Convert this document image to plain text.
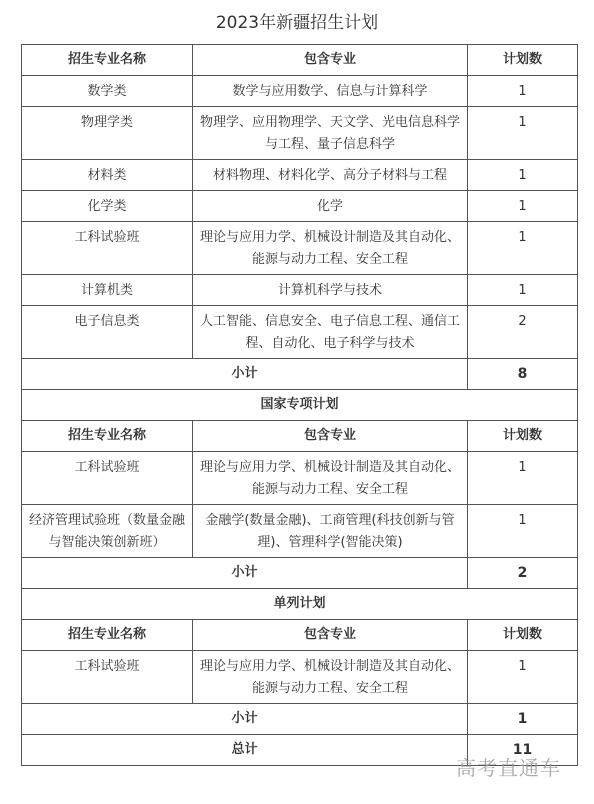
2023年新疆招生计划
招生专业名称	包含专业	计划数
数学类	数学与应用数学、信息与计算科学	1
物理学类	物理学、应用物理学、天文学、光电信息科学与工程、量子信息科学	1
材料类	材料物理、材料化学、高分子材料与工程	1
化学类	化学	1
工科试验班	理论与应用力学、机械设计制造及其自动化、能源与动力工程、安全工程	1
计算机类	计算机科学与技术	1
电子信息类	人工智能、信息安全、电子信息工程、通信工程、自动化、电子科学与技术	2
小计		8
国家专项计划		
招生专业名称	包含专业	计划数
工科试验班	理论与应用力学、机械设计制造及其自动化、能源与动力工程、安全工程	1
经济管理试验班（数量金融与智能决策创新班）	金融学(数量金融)、工商管理(科技创新与管理)、管理科学(智能决策)	1
小计		2
单列计划		
招生专业名称	包含专业	计划数
工科试验班	理论与应用力学、机械设计制造及其自动化、能源与动力工程、安全工程	1
小计		1
总计		11
高考直通车
